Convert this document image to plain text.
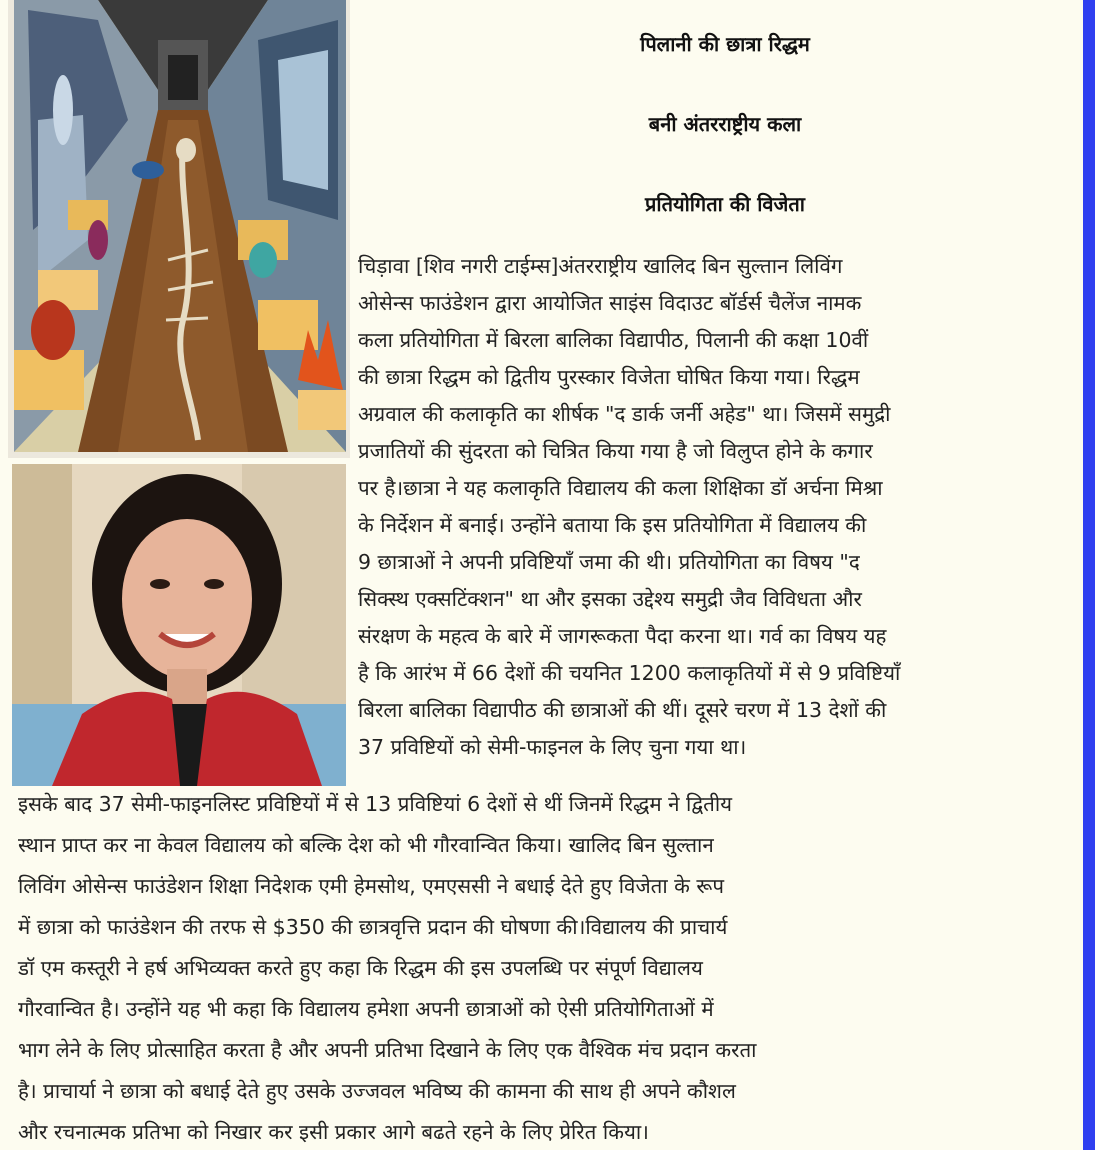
पिलानी की छात्रा रिद्धम
बनी अंतरराष्ट्रीय कला
प्रतियोगिता की विजेता
चिड़ावा [शिव नगरी टाईम्स]अंतरराष्ट्रीय खालिद बिन सुल्तान लिविंग
ओसेन्स फाउंडेशन द्वारा आयोजित साइंस विदाउट बॉर्डर्स चैलेंज नामक
कला प्रतियोगिता में बिरला बालिका विद्यापीठ, पिलानी की कक्षा 10वीं
की छात्रा रिद्धम को द्वितीय पुरस्कार विजेता घोषित किया गया। रिद्धम
अग्रवाल की कलाकृति का शीर्षक "द डार्क जर्नी अहेड" था। जिसमें समुद्री
प्रजातियों की सुंदरता को चित्रित किया गया है जो विलुप्त होने के कगार
पर है।छात्रा ने यह कलाकृति विद्यालय की कला शिक्षिका डॉ अर्चना मिश्रा
के निर्देशन में बनाई। उन्होंने बताया कि इस प्रतियोगिता में विद्यालय की
9 छात्राओं ने अपनी प्रविष्टियाँ जमा की थी। प्रतियोगिता का विषय "द
सिक्स्थ एक्सटिंक्शन" था और इसका उद्देश्य समुद्री जैव विविधता और
संरक्षण के महत्व के बारे में जागरूकता पैदा करना था। गर्व का विषय यह
है कि आरंभ में 66 देशों की चयनित 1200 कलाकृतियों में से 9 प्रविष्टियाँ
बिरला बालिका विद्यापीठ की छात्राओं की थीं। दूसरे चरण में 13 देशों की
37 प्रविष्टियों को सेमी-फाइनल के लिए चुना गया था।
इसके बाद 37 सेमी-फाइनलिस्ट प्रविष्टियों में से 13 प्रविष्टियां 6 देशों से थीं जिनमें रिद्धम ने द्वितीय
स्थान प्राप्त कर ना केवल विद्यालय को बल्कि देश को भी गौरवान्वित किया। खालिद बिन सुल्तान
लिविंग ओसेन्स फाउंडेशन शिक्षा निदेशक एमी हेमसोथ, एमएससी ने बधाई देते हुए विजेता के रूप
में छात्रा को फाउंडेशन की तरफ से $350 की छात्रवृत्ति प्रदान की घोषणा की।विद्यालय की प्राचार्य
डॉ एम कस्तूरी ने हर्ष अभिव्यक्त करते हुए कहा कि रिद्धम की इस उपलब्धि पर संपूर्ण विद्यालय
गौरवान्वित है। उन्होंने यह भी कहा कि विद्यालय हमेशा अपनी छात्राओं को ऐसी प्रतियोगिताओं में
भाग लेने के लिए प्रोत्साहित करता है और अपनी प्रतिभा दिखाने के लिए एक वैश्विक मंच प्रदान करता
है। प्राचार्या ने छात्रा को बधाई देते हुए उसके उज्जवल भविष्य की कामना की साथ ही अपने कौशल
और रचनात्मक प्रतिभा को निखार कर इसी प्रकार आगे बढते रहने के लिए प्रेरित किया।
